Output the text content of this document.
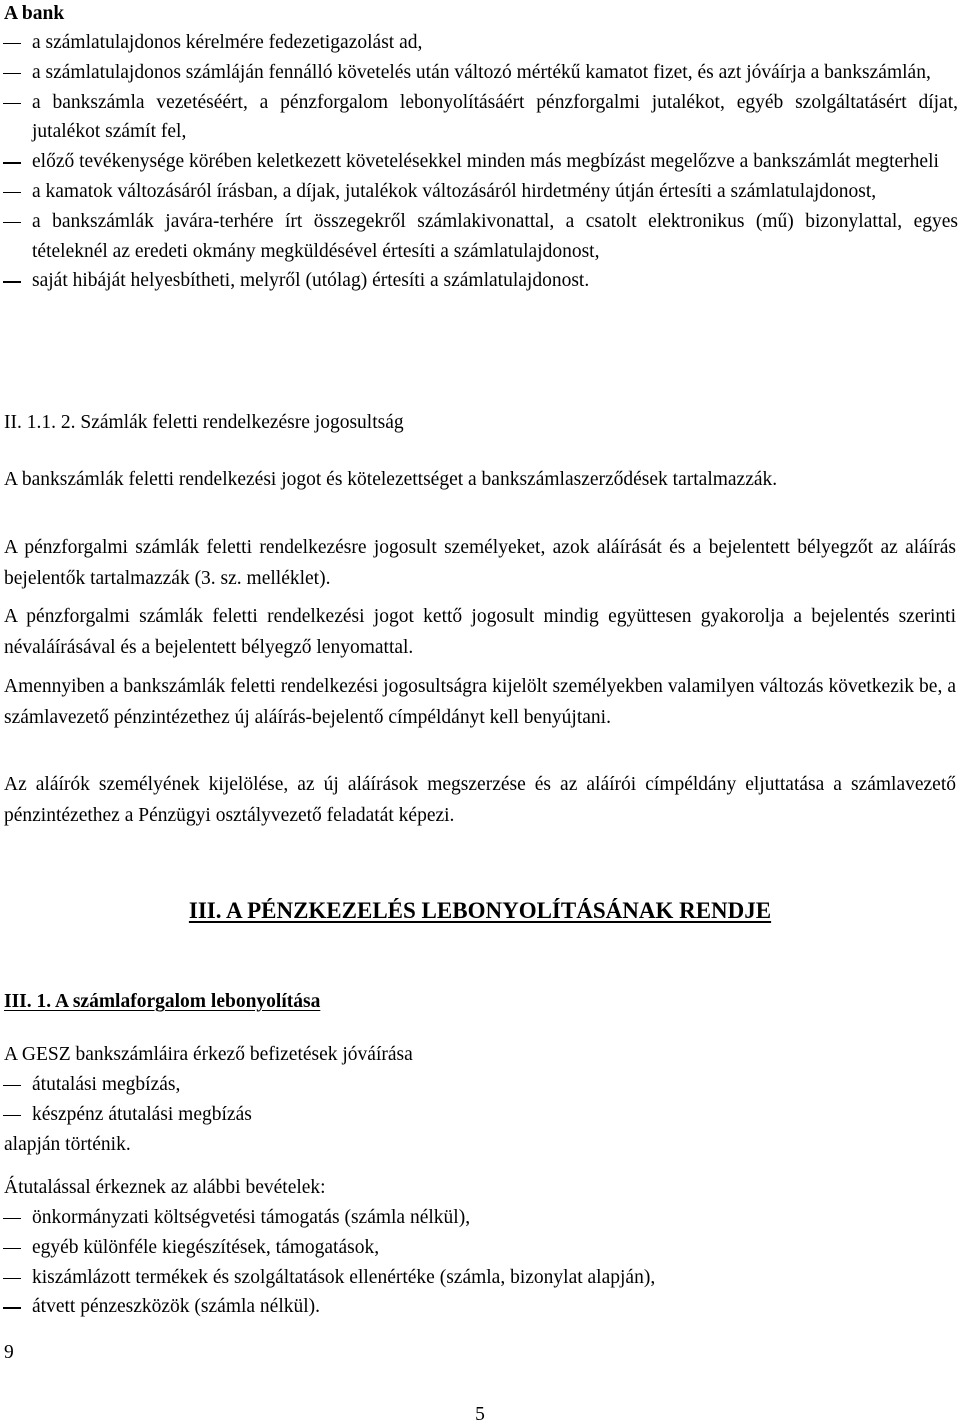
A bank
a számlatulajdonos kérelmére fedezetigazolást ad,
a számlatulajdonos számláján fennálló követelés után változó mértékű kamatot fizet, és azt jóváírja a bankszámlán,
a bankszámla vezetéséért, a pénzforgalom lebonyolításáért pénzforgalmi jutalékot, egyéb szolgáltatásért díjat, jutalékot számít fel,
előző tevékenysége körében keletkezett követelésekkel minden más megbízást megelőzve a bankszámlát megterheli
a kamatok változásáról írásban, a díjak, jutalékok változásáról hirdetmény útján értesíti a számlatulajdonost,
a bankszámlák javára-terhére írt összegekről számlakivonattal, a csatolt elektronikus (mű) bizonylattal, egyes tételeknél az eredeti okmány megküldésével értesíti a számlatulajdonost,
saját hibáját helyesbítheti, melyről (utólag) értesíti a számlatulajdonost.

II. 1.1. 2. Számlák feletti rendelkezésre jogosultság

A bankszámlák feletti rendelkezési jogot és kötelezettséget a bankszámlaszerződések tartalmazzák.

A pénzforgalmi számlák feletti rendelkezésre jogosult személyeket, azok aláírását és a bejelentett bélyegzőt az aláírás bejelentők tartalmazzák (3. sz. melléklet).

A pénzforgalmi számlák feletti rendelkezési jogot kettő jogosult mindig együttesen gyakorolja a bejelentés szerinti névaláírásával és a bejelentett bélyegző lenyomattal.

Amennyiben a bankszámlák feletti rendelkezési jogosultságra kijelölt személyekben valamilyen változás következik be, a számlavezető pénzintézethez új aláírás-bejelentő címpéldányt kell benyújtani.

Az aláírók személyének kijelölése, az új aláírások megszerzése és az aláírói címpéldány eljuttatása a számlavezető pénzintézethez a Pénzügyi osztályvezető feladatát képezi.

III. A PÉNZKEZELÉS LEBONYOLÍTÁSÁNAK RENDJE
III. 1. A számlaforgalom lebonyolítása

A GESZ bankszámláira érkező befizetések jóváírása

átutalási megbízás,
készpénz átutalási megbízás

alapján történik.

Átutalással érkeznek az alábbi bevételek:

önkormányzati költségvetési támogatás (számla nélkül),
egyéb különféle kiegészítések, támogatások,
kiszámlázott termékek és szolgáltatások ellenértéke (számla, bizonylat alapján),
átvett pénzeszközök (számla nélkül).
9
5
